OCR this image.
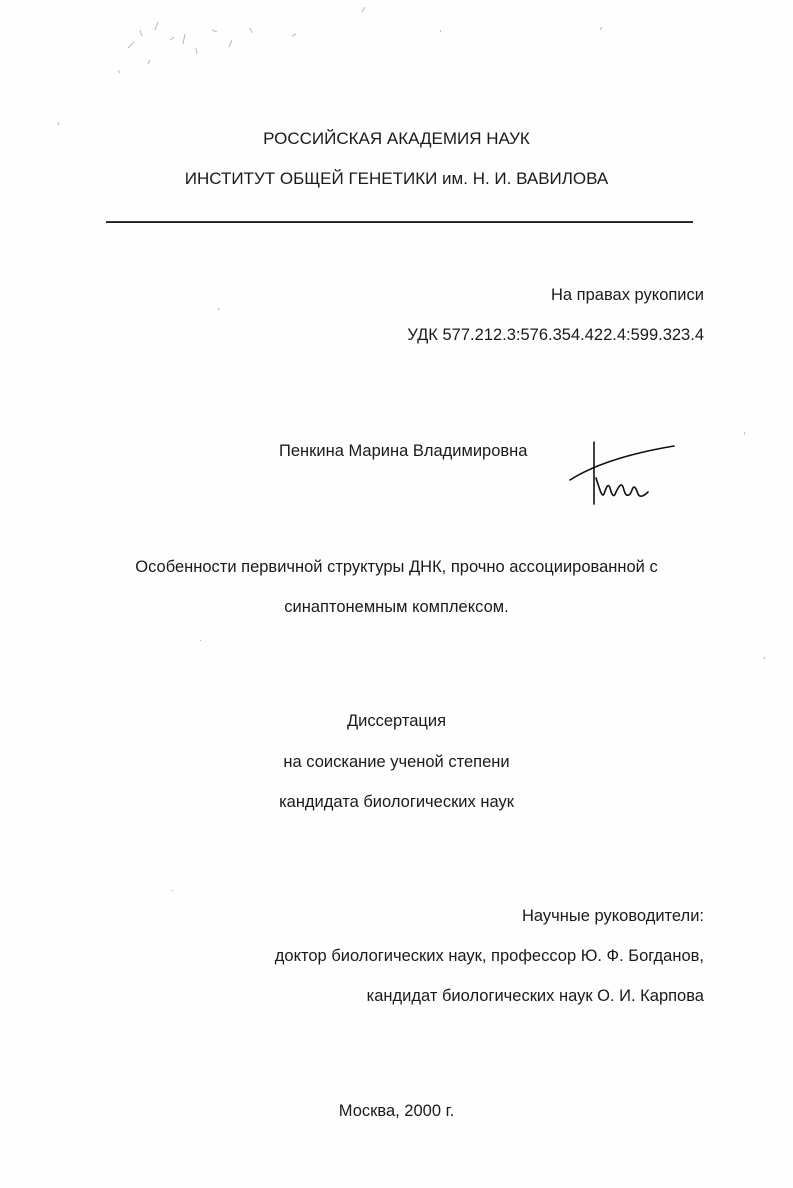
РОССИЙСКАЯ АКАДЕМИЯ НАУК
ИНСТИТУТ ОБЩЕЙ ГЕНЕТИКИ им. Н. И. ВАВИЛОВА
На правах рукописи
УДК 577.212.3:576.354.422.4:599.323.4
Пенкина Марина Владимировна
Особенности первичной структуры ДНК, прочно ассоциированной с
синаптонемным комплексом.
Диссертация
на соискание ученой степени
кандидата биологических наук
Научные руководители:
доктор биологических наук, профессор Ю. Ф. Богданов,
кандидат биологических наук О. И. Карпова
Москва, 2000 г.
